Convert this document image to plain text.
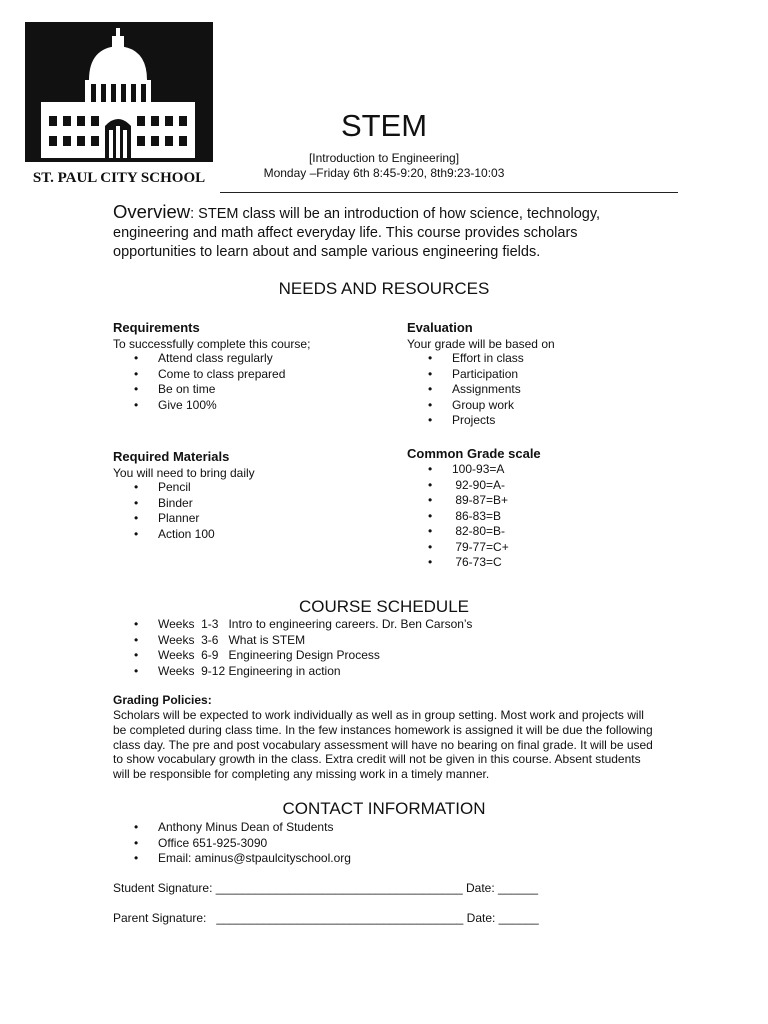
ST. PAUL CITY SCHOOL
STEM
[Introduction to Engineering]
Monday –Friday 6th 8:45-9:20, 8th9:23-10:03
Overview: STEM class will be an introduction of how science, technology, engineering and math affect everyday life. This course provides scholars opportunities to learn about and sample various engineering fields.
NEEDS AND RESOURCES
Requirements
To successfully complete this course;
• Attend class regularly
• Come to class prepared
• Be on time
• Give 100%
Evaluation
Your grade will be based on
• Effort in class
• Participation
• Assignments
• Group work
• Projects
Required Materials
You will need to bring daily
• Pencil
• Binder
• Planner
• Action 100
Common Grade scale
• 100-93=A
•  92-90=A-
•  89-87=B+
•  86-83=B
•  82-80=B-
•  79-77=C+
•  76-73=C
COURSE SCHEDULE
• Weeks  1-3   Intro to engineering careers. Dr. Ben Carson’s
• Weeks  3-6   What is STEM
• Weeks  6-9   Engineering Design Process
• Weeks  9-12 Engineering in action
Grading Policies:
Scholars will be expected to work individually as well as in group setting. Most work and projects will be completed during class time. In the few instances homework is assigned it will be due the following class day. The pre and post vocabulary assessment will have no bearing on final grade. It will be used to show vocabulary growth in the class. Extra credit will not be given in this course. Absent students will be responsible for completing any missing work in a timely manner.
CONTACT INFORMATION
• Anthony Minus Dean of Students
• Office 651-925-3090
• Email: aminus@stpaulcityschool.org
Student Signature: _____________________________________ Date: ______
Parent Signature:   _____________________________________ Date: ______
